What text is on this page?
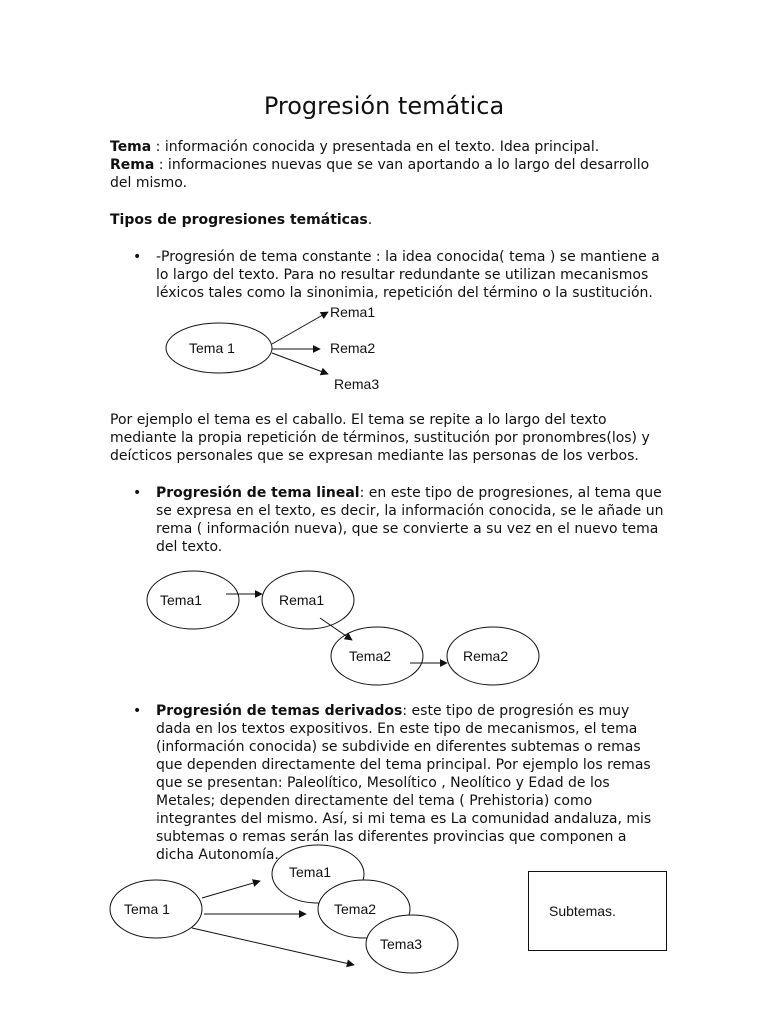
Progresión temática

Tema : información conocida y presentada en el texto. Idea principal.
Rema : informaciones nuevas que se van aportando a lo largo del desarrollo del mismo.

Tipos de progresiones temáticas.

• -Progresión de tema constante : la idea conocida( tema ) se mantiene a lo largo del texto. Para no resultar redundante se utilizan mecanismos léxicos tales como la sinonimia, repetición del término o la sustitución.

Por ejemplo el tema es el caballo. El tema se repite a lo largo del texto mediante la propia repetición de términos, sustitución por pronombres(los) y deícticos personales que se expresan mediante las personas de los verbos.

• Progresión de tema lineal: en este tipo de progresiones, al tema que se expresa en el texto, es decir, la información conocida, se le añade un rema ( información nueva), que se convierte a su vez en el nuevo tema del texto.
• Progresión de temas derivados: este tipo de progresión es muy dada en los textos expositivos. En este tipo de mecanismos, el tema (información conocida) se subdivide en diferentes subtemas o remas que dependen directamente del tema principal. Por ejemplo los remas que se presentan: Paleolítico, Mesolítico , Neolítico y Edad de los Metales; dependen directamente del tema ( Prehistoria) como integrantes del mismo. Así, si mi tema es La comunidad andaluza, mis subtemas o remas serán las diferentes provincias que componen a dicha Autonomía.
Tema 1
Rema1
Rema2
Rema3
Tema1	Rema1
Tema2	Rema2
Tema 1
Tema1
Tema2
Tema3
Subtemas.
